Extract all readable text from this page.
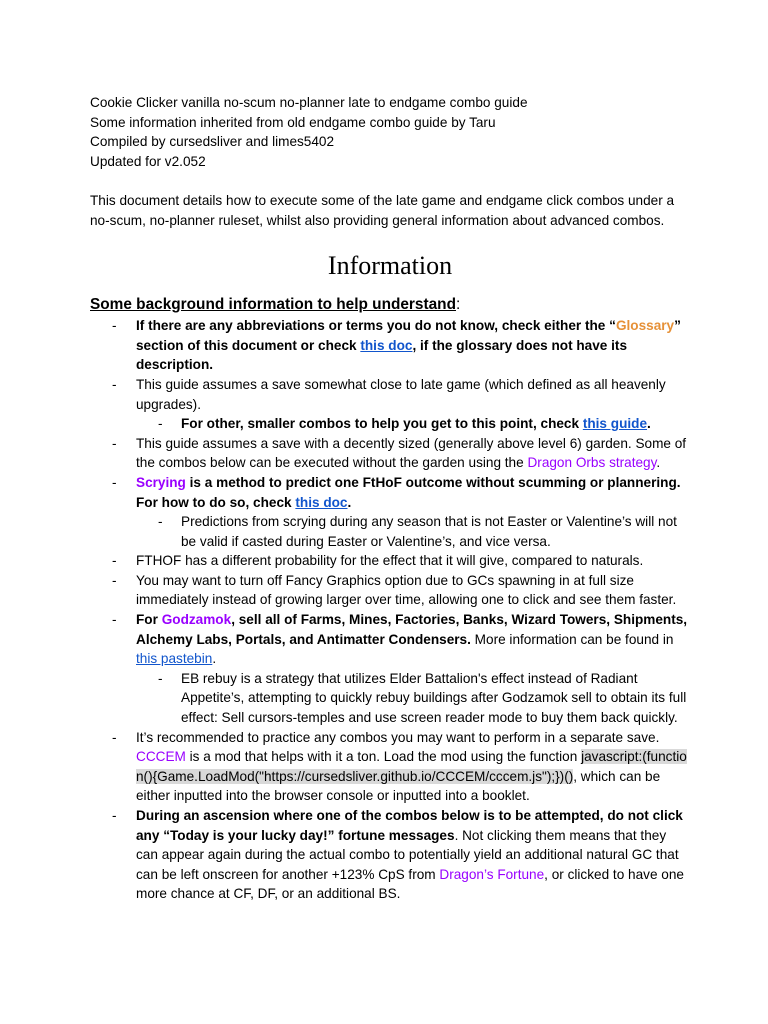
Cookie Clicker vanilla no-scum no-planner late to endgame combo guide

Some information inherited from old endgame combo guide by Taru

Compiled by cursedsliver and limes5402

Updated for v2.052

This document details how to execute some of the late game and endgame click combos under a no-scum, no-planner ruleset, whilst also providing general information about advanced combos.

Information

Some background information to help understand:

- If there are any abbreviations or terms you do not know, check either the “Glossary” section of this document or check this doc, if the glossary does not have its description.
- This guide assumes a save somewhat close to late game (which defined as all heavenly upgrades).
- For other, smaller combos to help you get to this point, check this guide.
- This guide assumes a save with a decently sized (generally above level 6) garden. Some of the combos below can be executed without the garden using the Dragon Orbs strategy.
- Scrying is a method to predict one FtHoF outcome without scumming or plannering. For how to do so, check this doc.
- Predictions from scrying during any season that is not Easter or Valentine’s will not be valid if casted during Easter or Valentine’s, and vice versa.
- FTHOF has a different probability for the effect that it will give, compared to naturals.
- You may want to turn off Fancy Graphics option due to GCs spawning in at full size immediately instead of growing larger over time, allowing one to click and see them faster.
- For Godzamok, sell all of Farms, Mines, Factories, Banks, Wizard Towers, Shipments, Alchemy Labs, Portals, and Antimatter Condensers. More information can be found in this pastebin.
- EB rebuy is a strategy that utilizes Elder Battalion's effect instead of Radiant Appetite’s, attempting to quickly rebuy buildings after Godzamok sell to obtain its full effect: Sell cursors-temples and use screen reader mode to buy them back quickly.
- It’s recommended to practice any combos you may want to perform in a separate save. CCCEM is a mod that helps with it a ton. Load the mod using the function javascript:(function(){Game.LoadMod("https://cursedsliver.github.io/CCCEM/cccem.js");})(), which can be either inputted into the browser console or inputted into a booklet.
- During an ascension where one of the combos below is to be attempted, do not click any “Today is your lucky day!” fortune messages. Not clicking them means that they can appear again during the actual combo to potentially yield an additional natural GC that can be left onscreen for another +123% CpS from Dragon’s Fortune, or clicked to have one more chance at CF, DF, or an additional BS.
